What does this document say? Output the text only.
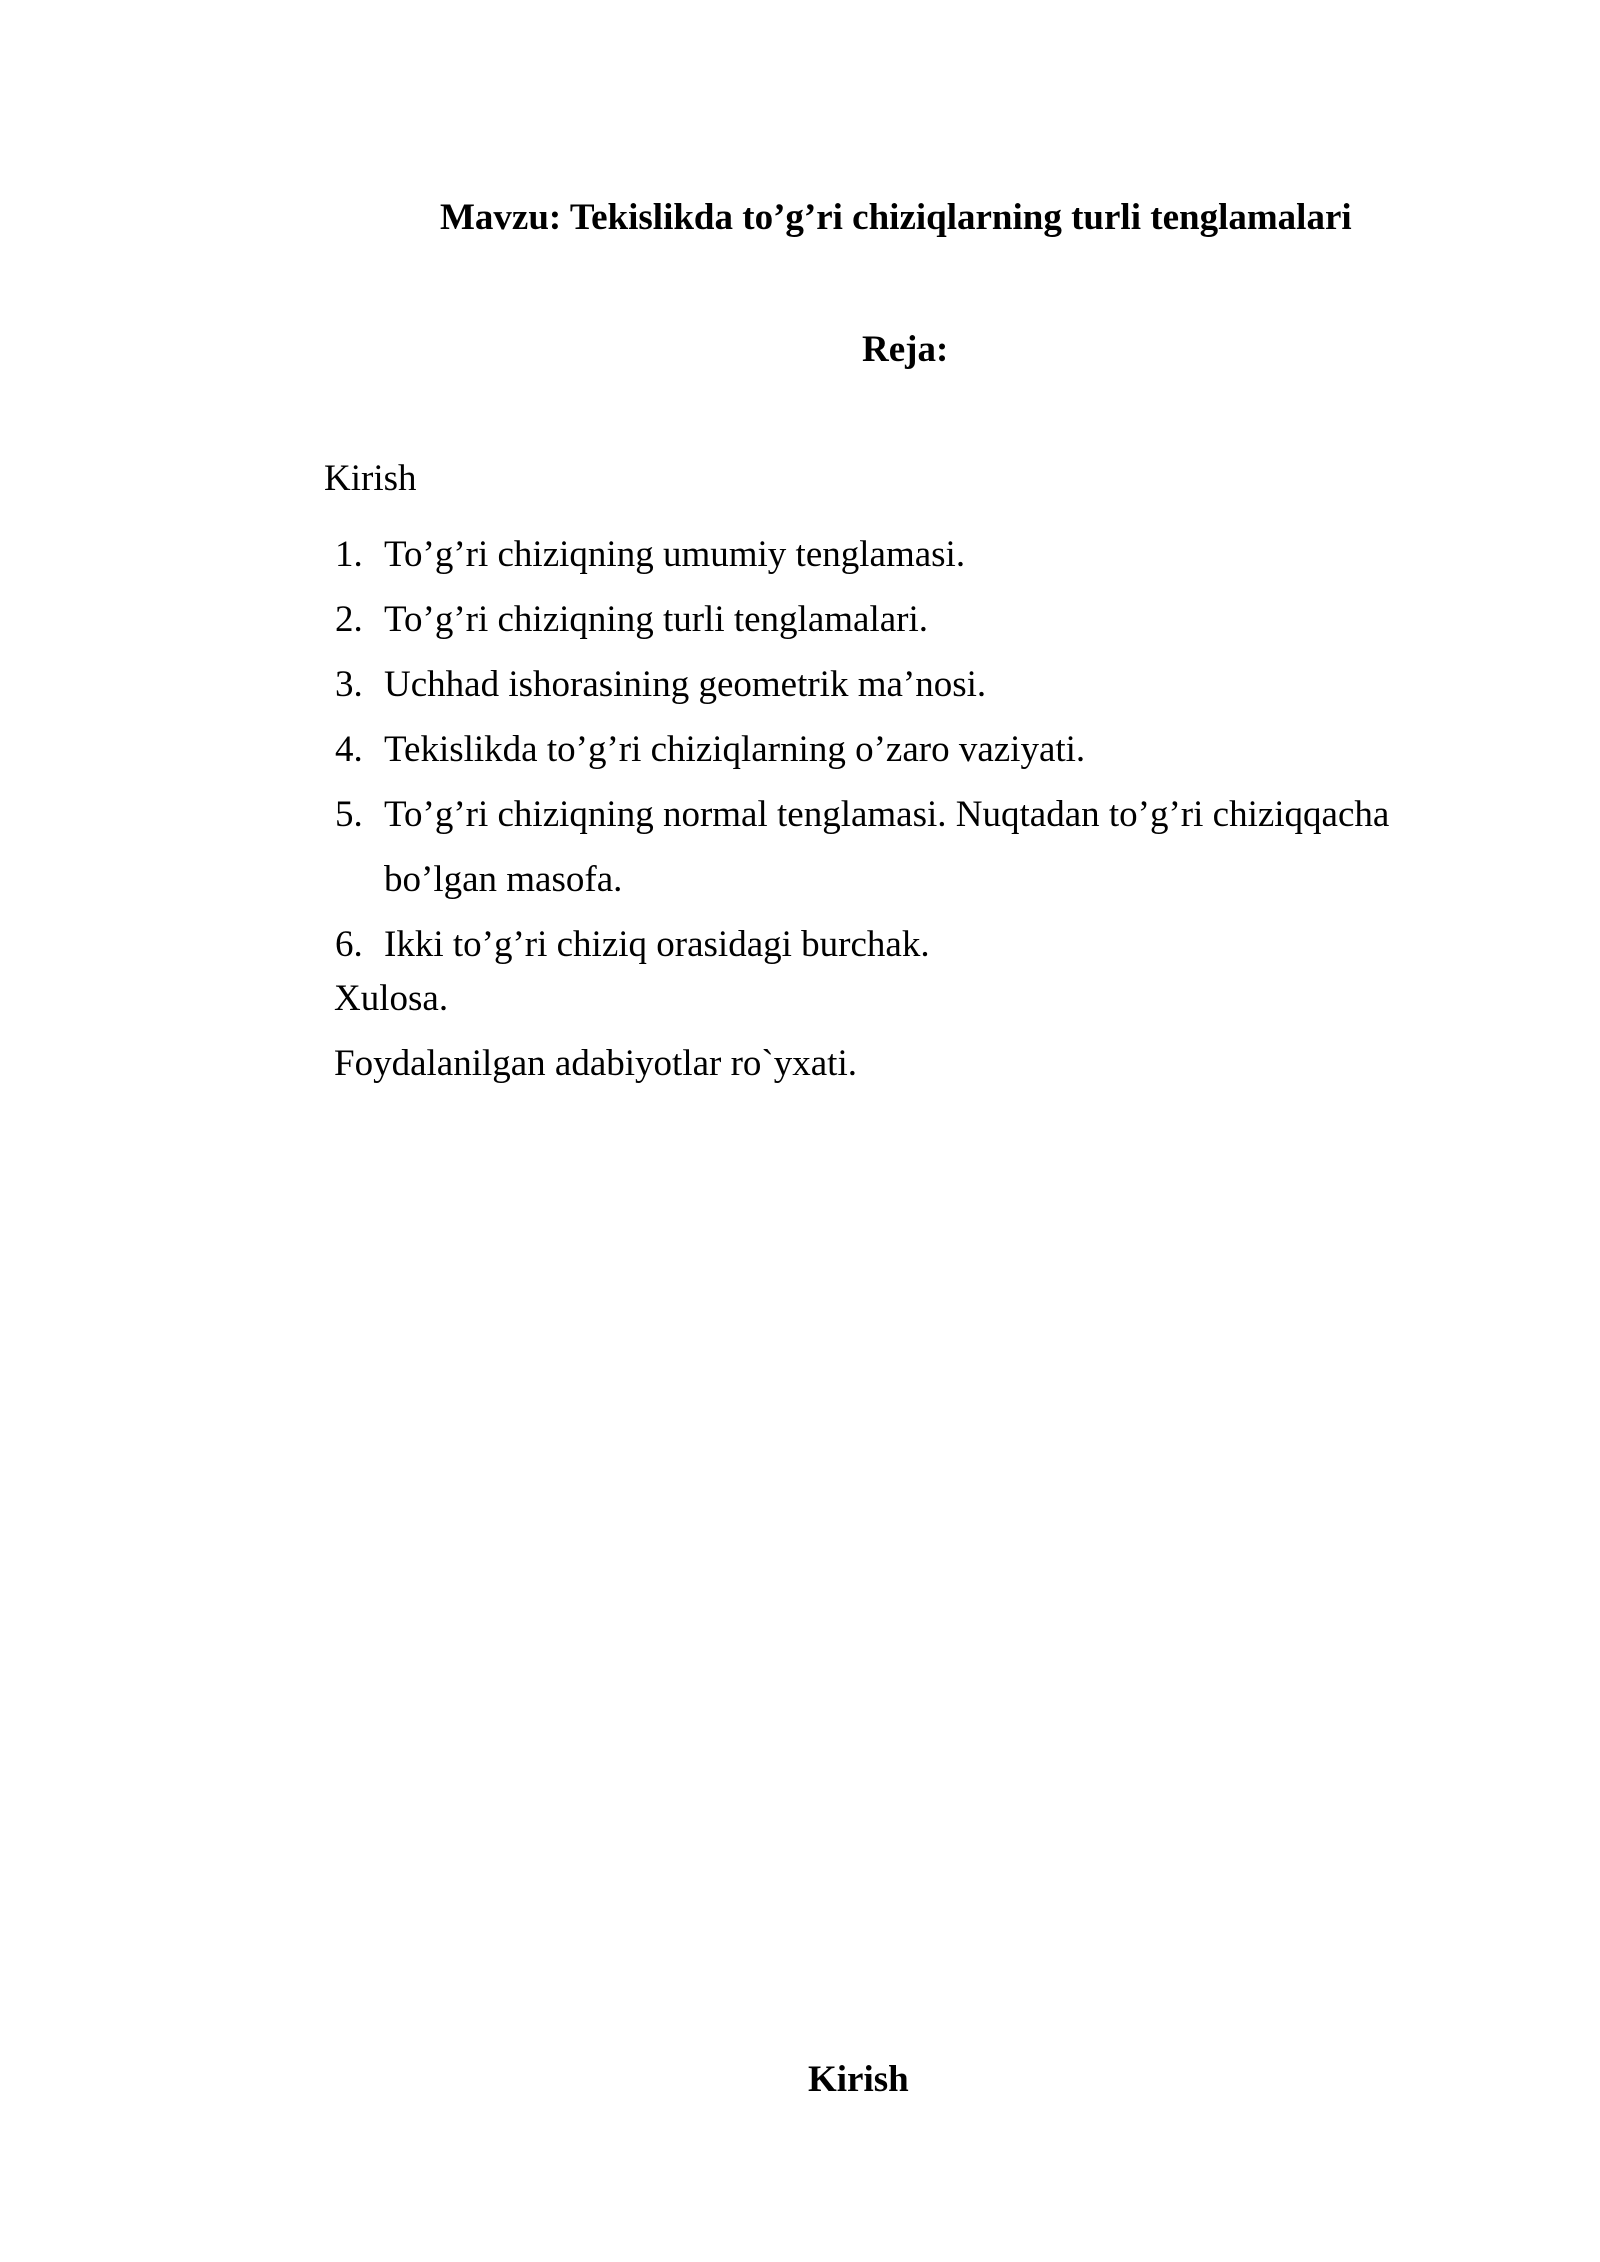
Mavzu: Tekislikda to’g’ri chiziqlarning turli tenglamalari
Reja:
Kirish
1. To’g’ri chiziqning umumiy tenglamasi.
2. To’g’ri chiziqning turli tenglamalari.
3. Uchhad ishorasining geometrik ma’nosi.
4. Tekislikda to’g’ri chiziqlarning o’zaro vaziyati.
5. To’g’ri chiziqning normal tenglamasi. Nuqtadan to’g’ri chiziqqacha bo’lgan masofa.
6. Ikki to’g’ri chiziq orasidagi burchak.
Xulosa.
Foydalanilgan adabiyotlar ro`yxati.
Kirish
